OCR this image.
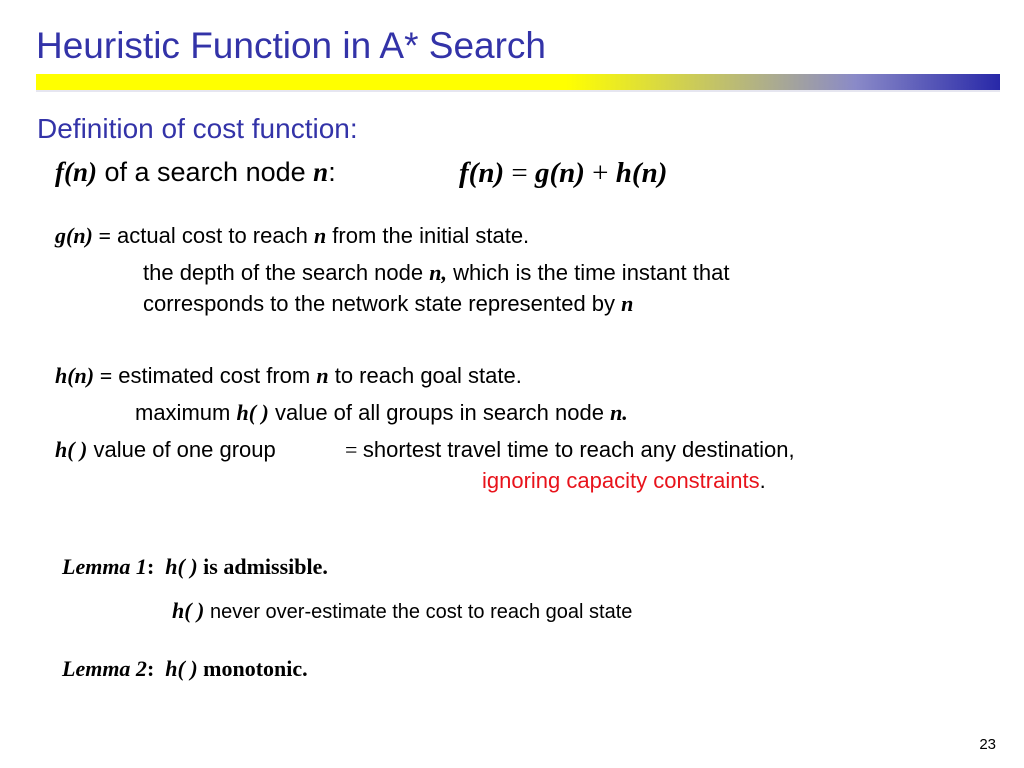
Heuristic Function in A* Search
Definition of cost function:
f(n) of a search node n:	f(n) = g(n) + h(n)
g(n) = actual cost to reach n from the initial state.
the depth of the search node n, which is the time instant that
corresponds to the network state represented by n
h(n) = estimated cost from n to reach goal state.
maximum h( ) value of all groups in search node n.
h( ) value of one group	= shortest travel time to reach any destination,
ignoring capacity constraints.
Lemma 1: h( ) is admissible.
h( ) never over-estimate the cost to reach goal state
Lemma 2: h( ) monotonic.
23
